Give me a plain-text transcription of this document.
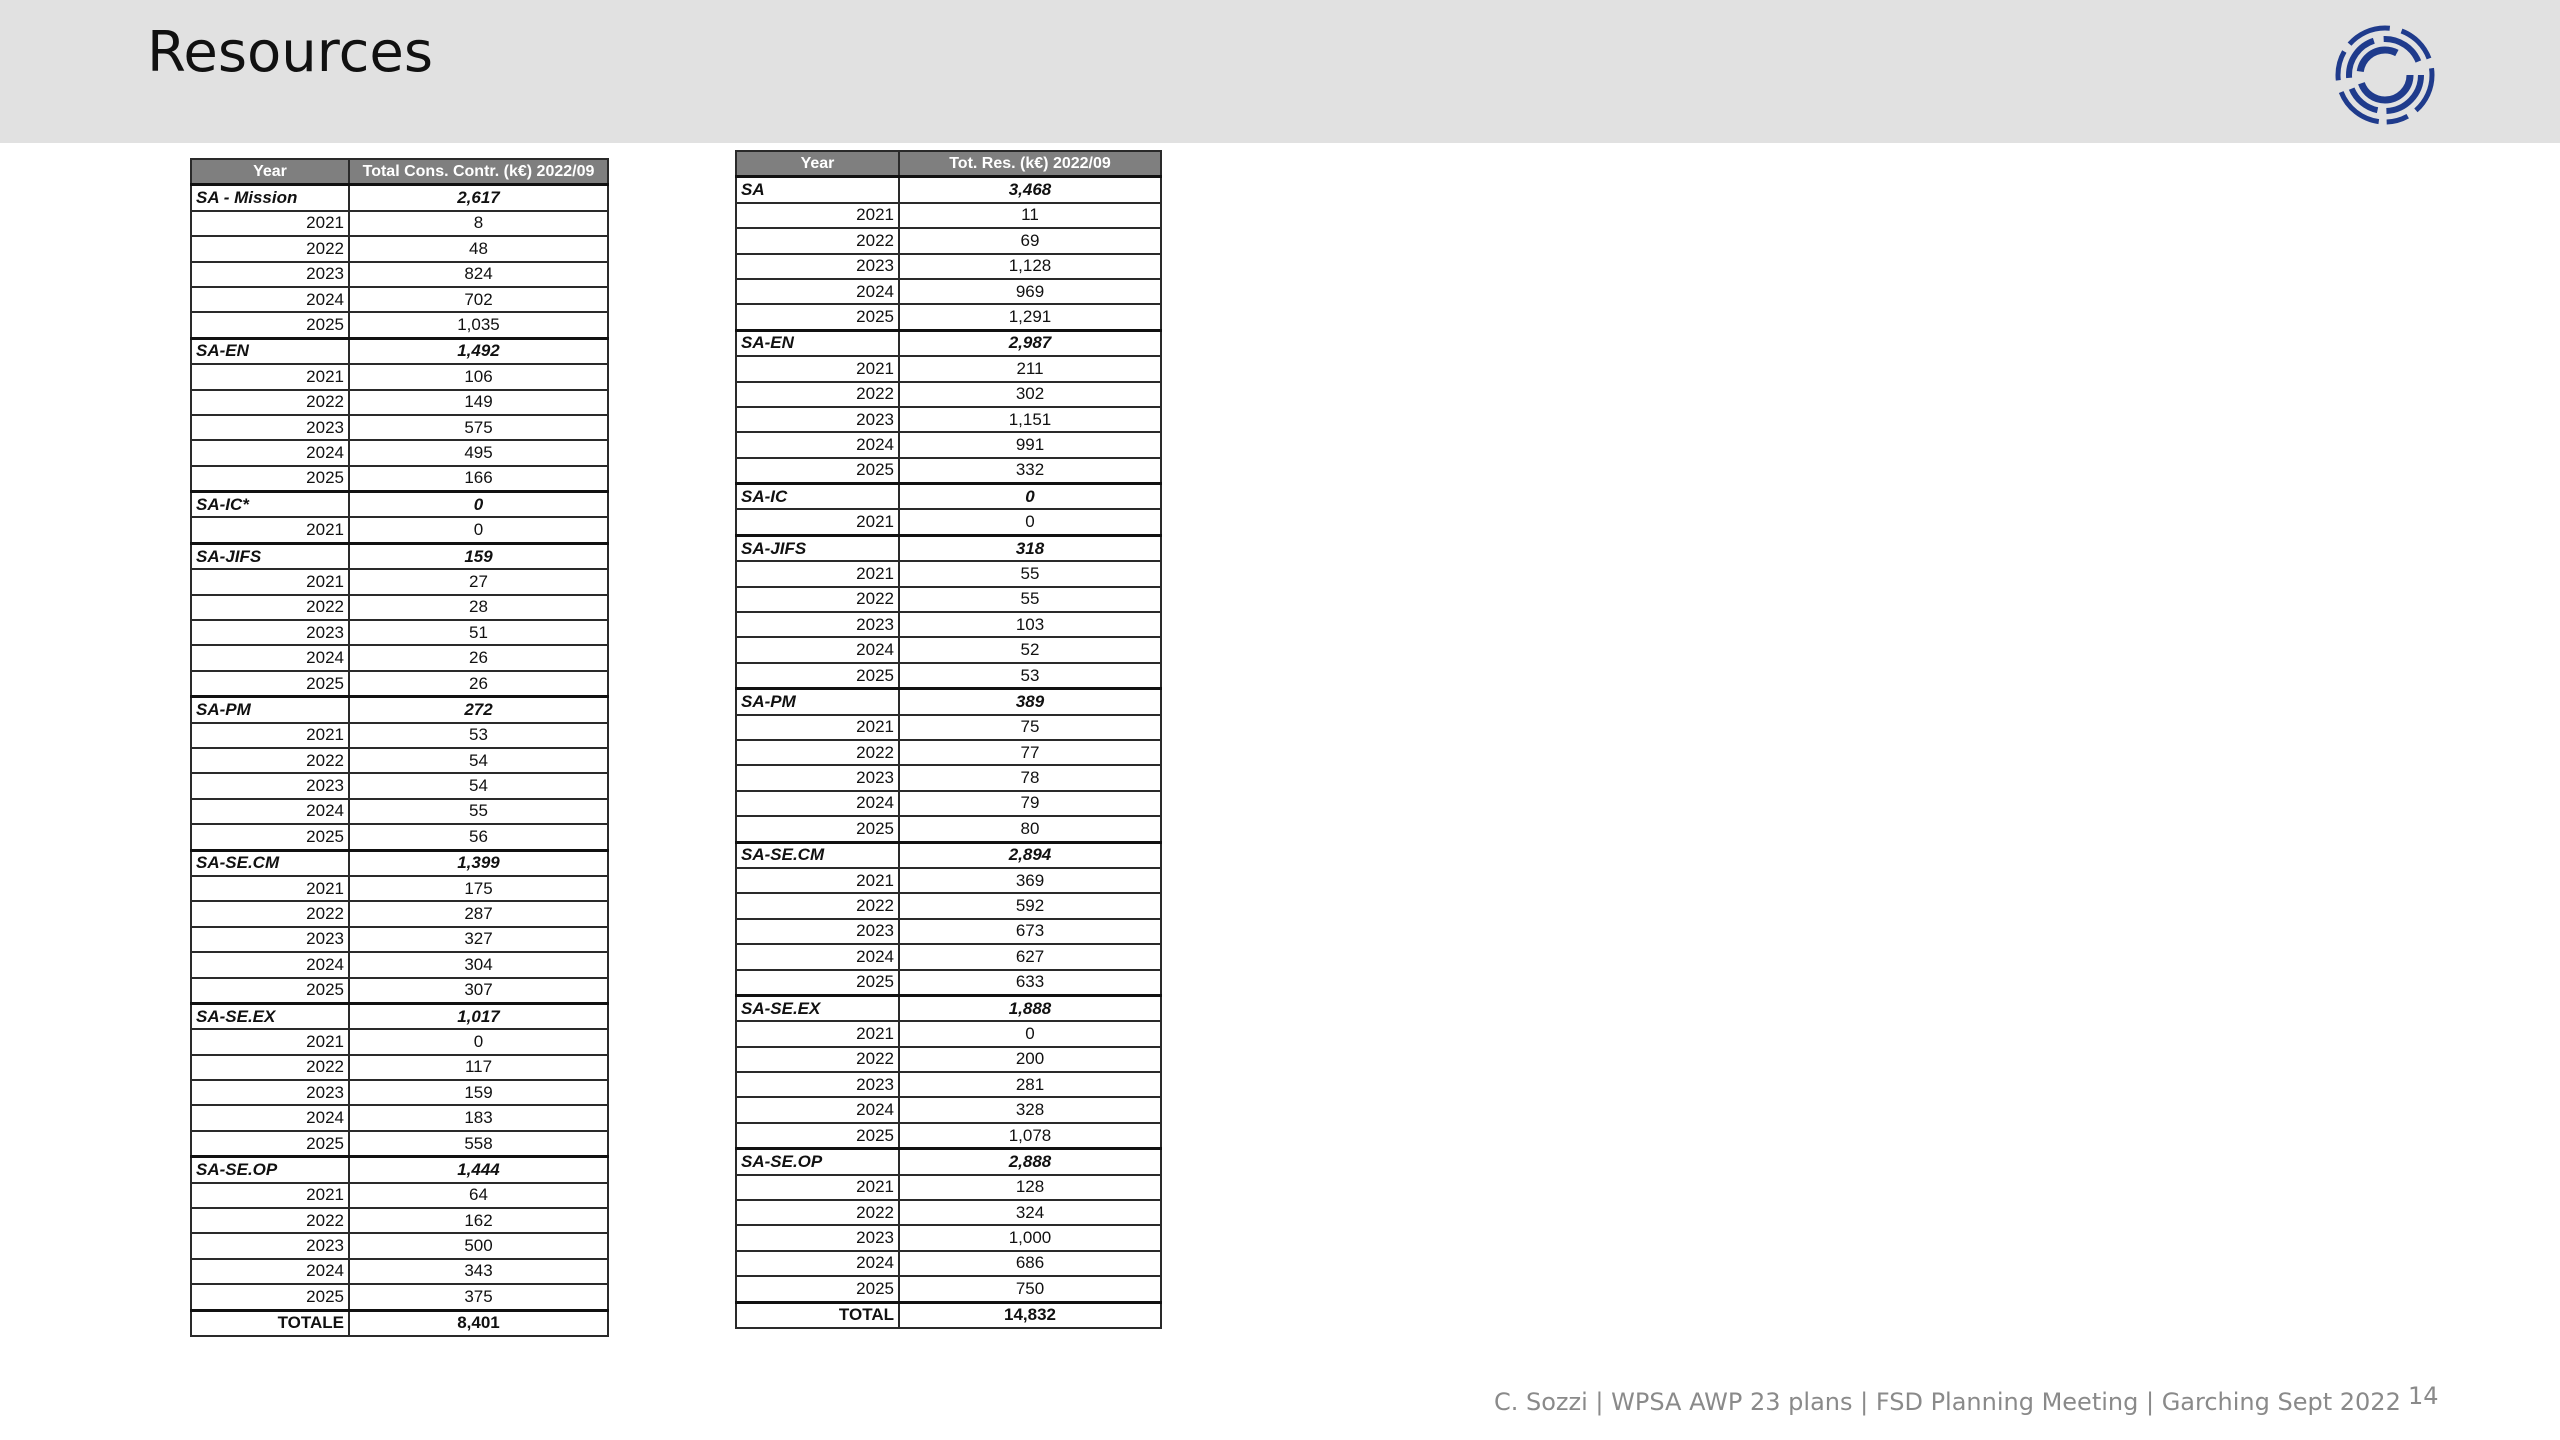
Resources
Year	Total Cons. Contr. (k€) 2022/09
SA - Mission	2,617
2021	8
2022	48
2023	824
2024	702
2025	1,035
SA-EN	1,492
2021	106
2022	149
2023	575
2024	495
2025	166
SA-IC*	0
2021	0
SA-JIFS	159
2021	27
2022	28
2023	51
2024	26
2025	26
SA-PM	272
2021	53
2022	54
2023	54
2024	55
2025	56
SA-SE.CM	1,399
2021	175
2022	287
2023	327
2024	304
2025	307
SA-SE.EX	1,017
2021	0
2022	117
2023	159
2024	183
2025	558
SA-SE.OP	1,444
2021	64
2022	162
2023	500
2024	343
2025	375
TOTALE	8,401
Year	Tot. Res. (k€) 2022/09
SA	3,468
2021	11
2022	69
2023	1,128
2024	969
2025	1,291
SA-EN	2,987
2021	211
2022	302
2023	1,151
2024	991
2025	332
SA-IC	0
2021	0
SA-JIFS	318
2021	55
2022	55
2023	103
2024	52
2025	53
SA-PM	389
2021	75
2022	77
2023	78
2024	79
2025	80
SA-SE.CM	2,894
2021	369
2022	592
2023	673
2024	627
2025	633
SA-SE.EX	1,888
2021	0
2022	200
2023	281
2024	328
2025	1,078
SA-SE.OP	2,888
2021	128
2022	324
2023	1,000
2024	686
2025	750
TOTAL	14,832
C. Sozzi | WPSA AWP 23 plans | FSD Planning Meeting | Garching Sept 2022 14
